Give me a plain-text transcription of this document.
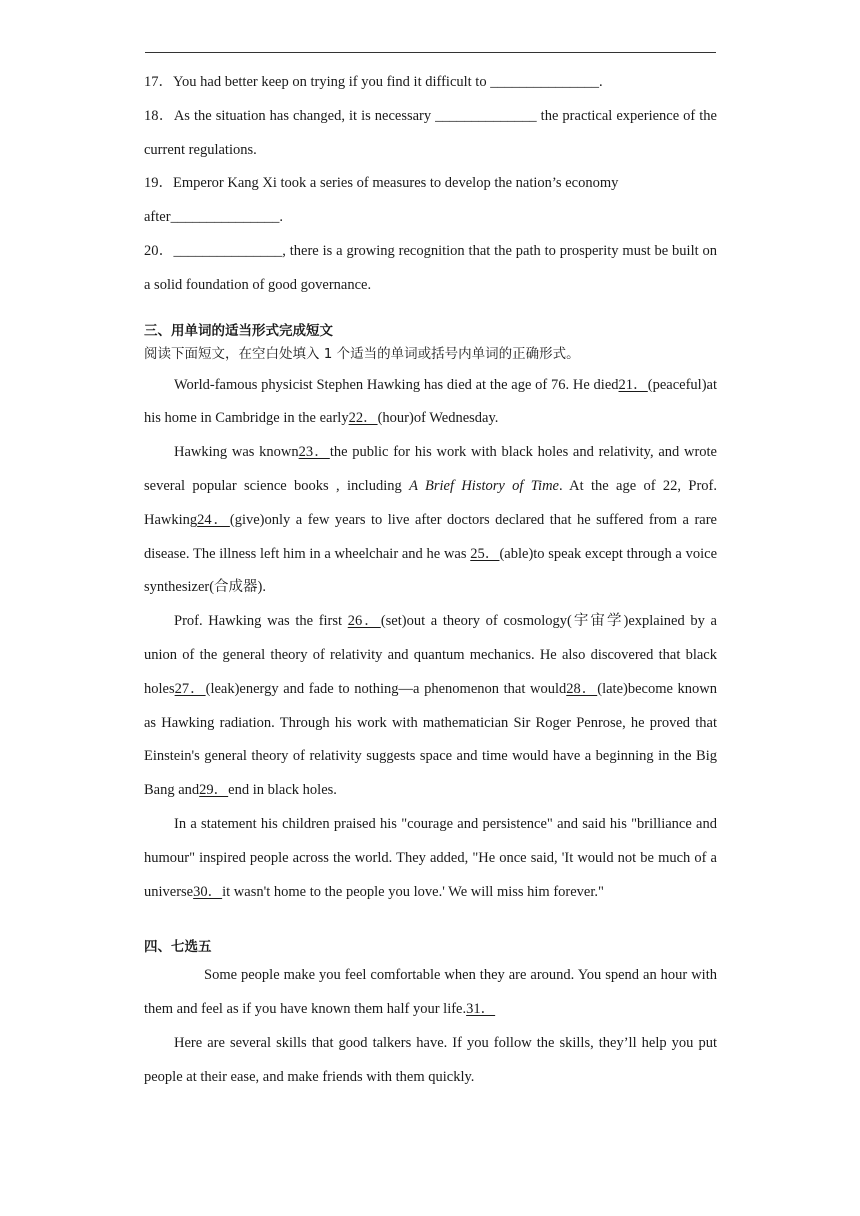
17．You had better keep on trying if you find it difficult to _______________.

18．As the situation has changed, it is necessary ______________ the practical experience of the current regulations.

19．Emperor Kang Xi took a series of measures to develop the nation’s economy after_______________.

20．_______________, there is a growing recognition that the path to prosperity must be built on a solid foundation of good governance.

三、用单词的适当形式完成短文
阅读下面短文，在空白处填入 1 个适当的单词或括号内单词的正确形式。

World-famous physicist Stephen Hawking has died at the age of 76. He died21．(peaceful)at his home in Cambridge in the early22．(hour)of Wednesday.

Hawking was known23．the public for his work with black holes and relativity, and wrote several popular science books , including A Brief History of Time. At the age of 22, Prof. Hawking24．(give)only a few years to live after doctors declared that he suffered from a rare disease. The illness left him in a wheelchair and he was 25．(able)to speak except through a voice synthesizer(合成器).

Prof. Hawking was the first 26．(set)out a theory of cosmology(宇宙学)explained by a union of the general theory of relativity and quantum mechanics. He also discovered that black holes27．(leak)energy and fade to nothing—a phenomenon that would28．(late)become known as Hawking radiation. Through his work with mathematician Sir Roger Penrose, he proved that Einstein's general theory of relativity suggests space and time would have a beginning in the Big Bang and29．end in black holes.

In a statement his children praised his "courage and persistence" and said his "brilliance and humour" inspired people across the world. They added, "He once said, 'It would not be much of a universe30．it wasn't home to the people you love.' We will miss him forever."

四、七选五

Some people make you feel comfortable when they are around. You spend an hour with them and feel as if you have known them half your life.31．

Here are several skills that good talkers have. If you follow the skills, they’ll help you put people at their ease, and make friends with them quickly.
